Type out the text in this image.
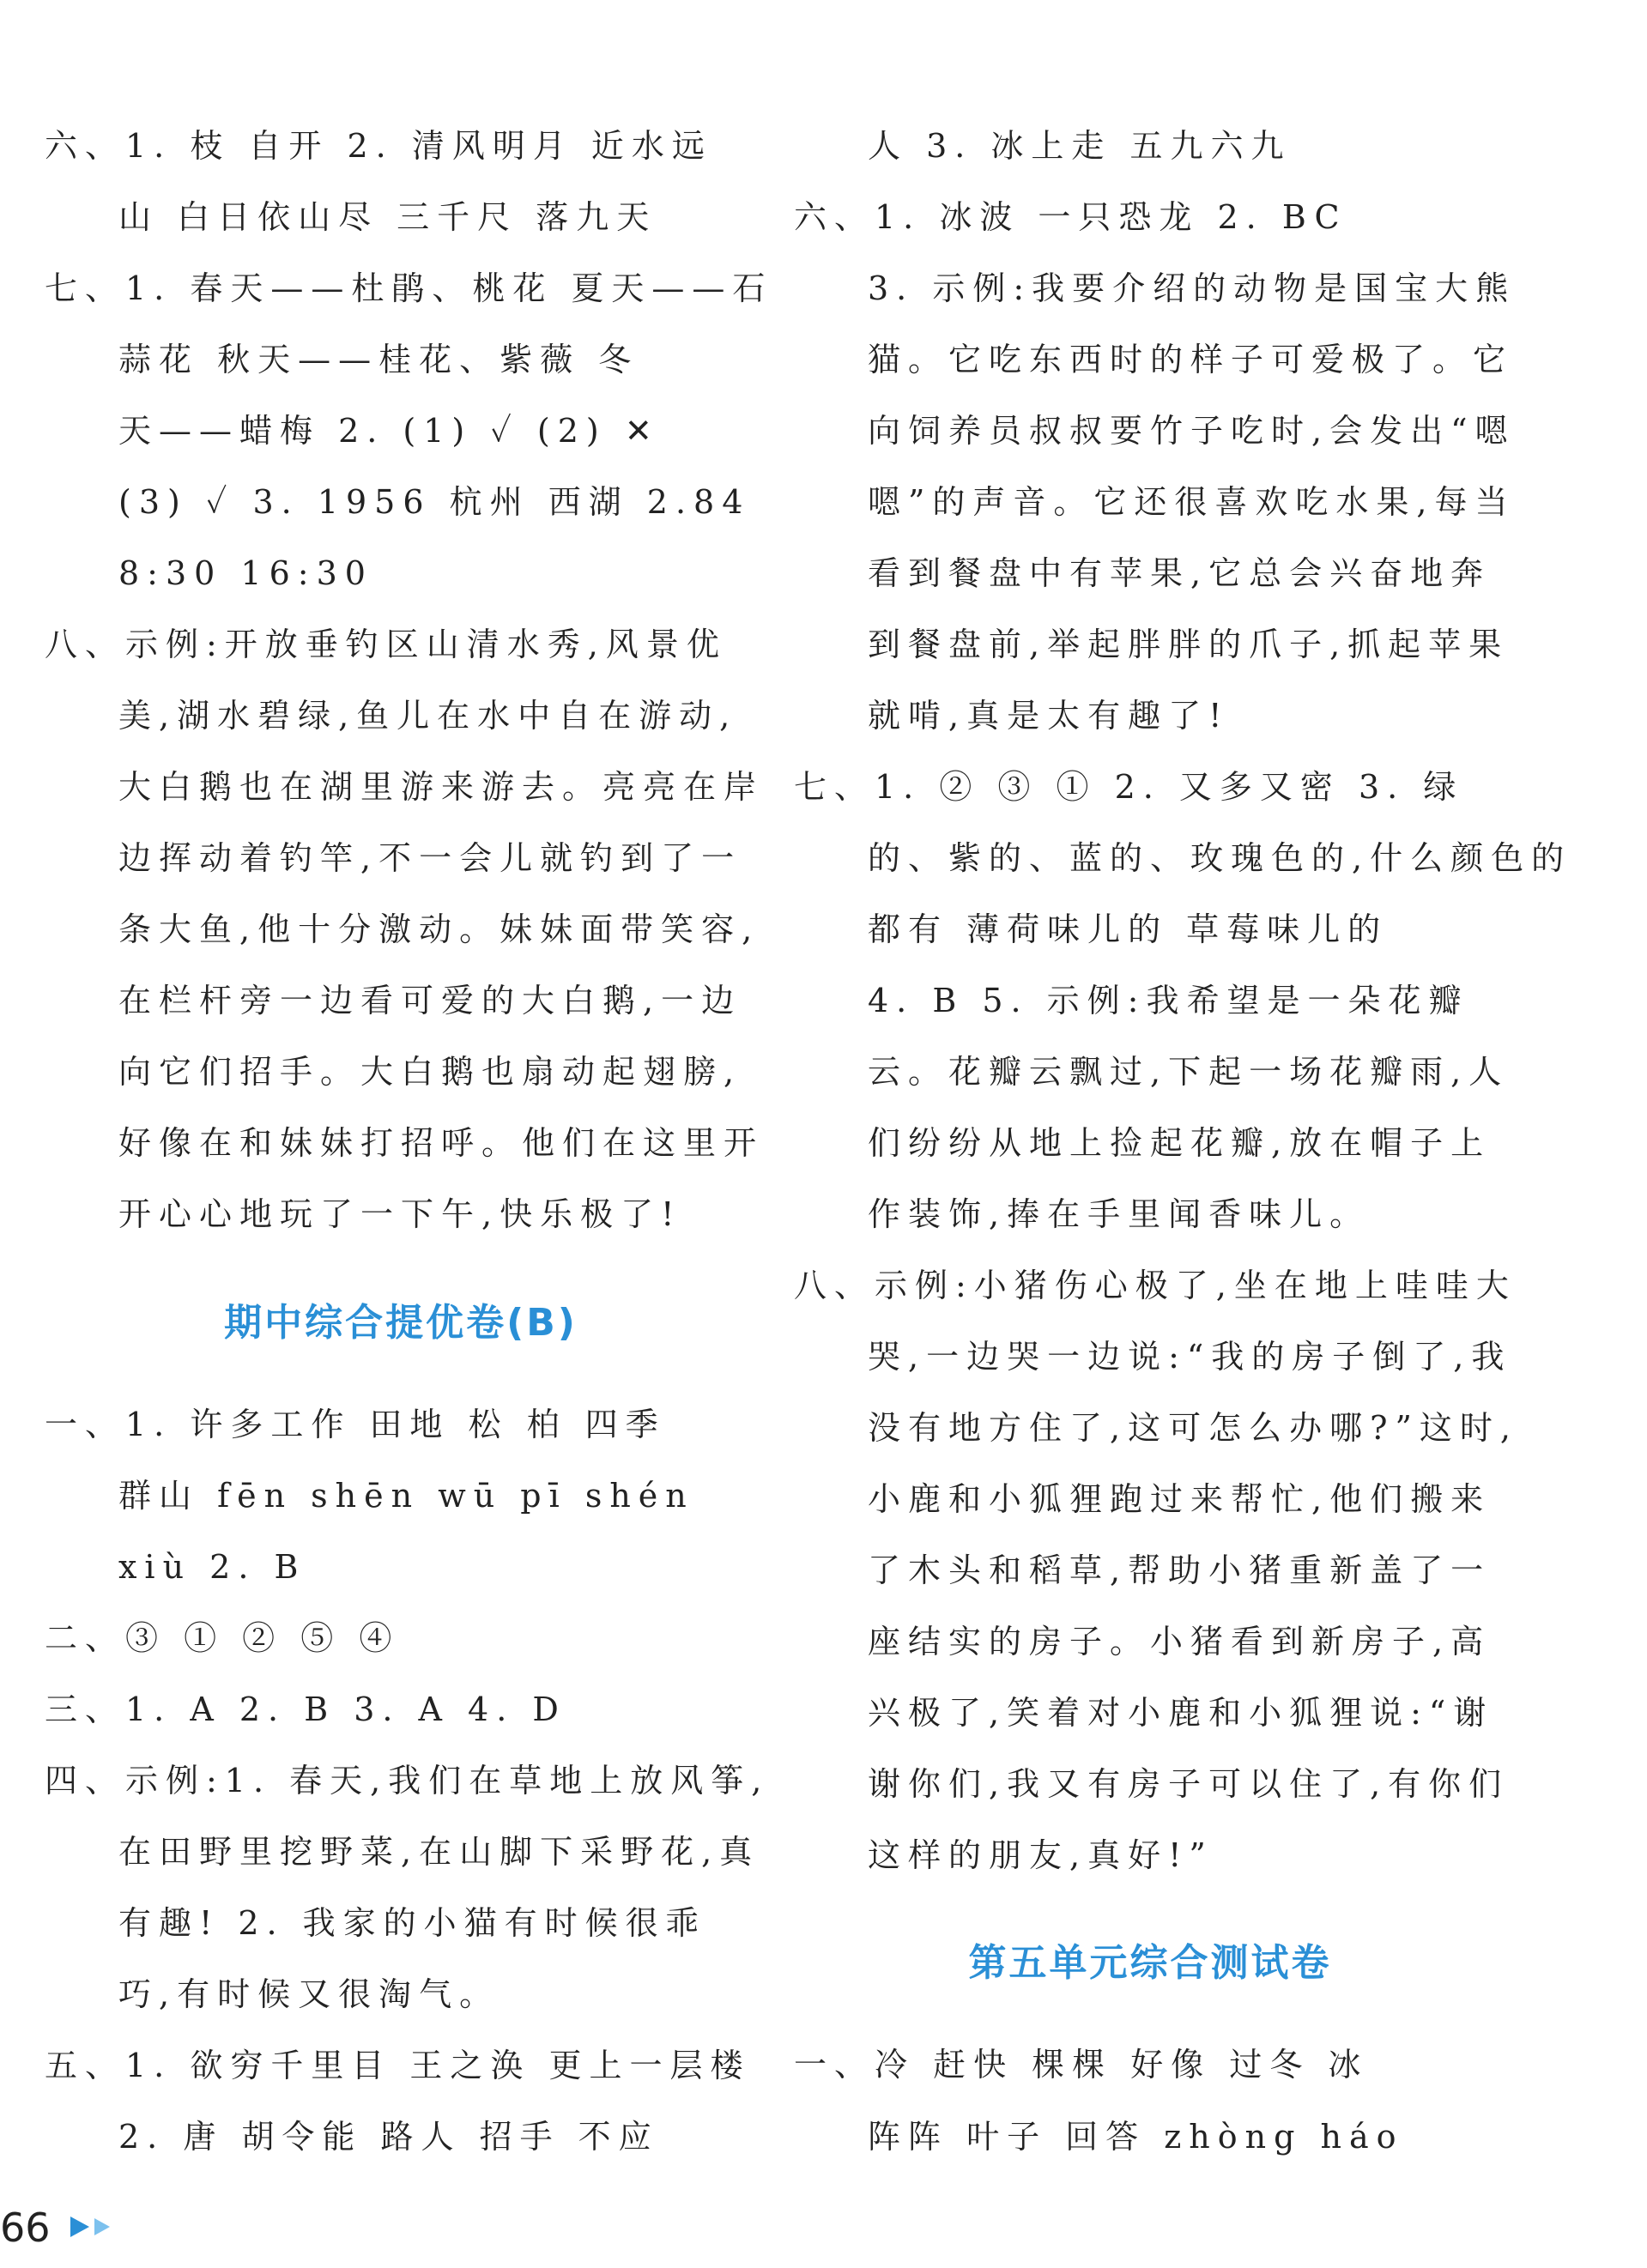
六、1. 枝 自开 2. 清风明月 近水远
山 白日依山尽 三千尺 落九天
七、1. 春天——杜鹃、桃花 夏天——石
蒜花 秋天——桂花、紫薇 冬
天——蜡梅 2. (1) ✓ (2) ✕
(3) ✓ 3. 1956 杭州 西湖 2.84
8:30 16:30
八、示例:开放垂钓区山清水秀,风景优
美,湖水碧绿,鱼儿在水中自在游动,
大白鹅也在湖里游来游去。亮亮在岸
边挥动着钓竿,不一会儿就钓到了一
条大鱼,他十分激动。妹妹面带笑容,
在栏杆旁一边看可爱的大白鹅,一边
向它们招手。大白鹅也扇动起翅膀,
好像在和妹妹打招呼。他们在这里开
开心心地玩了一下午,快乐极了!
期中综合提优卷(B)
一、1. 许多工作 田地 松 柏 四季
群山 fēn shēn wū pī shén
xiù 2. B
二、③ ① ② ⑤ ④
三、1. A 2. B 3. A 4. D
四、示例:1. 春天,我们在草地上放风筝,
在田野里挖野菜,在山脚下采野花,真
有趣! 2. 我家的小猫有时候很乖
巧,有时候又很淘气。
五、1. 欲穷千里目 王之涣 更上一层楼
2. 唐 胡令能 路人 招手 不应
人 3. 冰上走 五九六九
六、1. 冰波 一只恐龙 2. BC
3. 示例:我要介绍的动物是国宝大熊
猫。它吃东西时的样子可爱极了。它
向饲养员叔叔要竹子吃时,会发出“嗯
嗯”的声音。它还很喜欢吃水果,每当
看到餐盘中有苹果,它总会兴奋地奔
到餐盘前,举起胖胖的爪子,抓起苹果
就啃,真是太有趣了!
七、1. ② ③ ① 2. 又多又密 3. 绿
的、紫的、蓝的、玫瑰色的,什么颜色的
都有 薄荷味儿的 草莓味儿的
4. B 5. 示例:我希望是一朵花瓣
云。花瓣云飘过,下起一场花瓣雨,人
们纷纷从地上捡起花瓣,放在帽子上
作装饰,捧在手里闻香味儿。
八、示例:小猪伤心极了,坐在地上哇哇大
哭,一边哭一边说:“我的房子倒了,我
没有地方住了,这可怎么办哪?”这时,
小鹿和小狐狸跑过来帮忙,他们搬来
了木头和稻草,帮助小猪重新盖了一
座结实的房子。小猪看到新房子,高
兴极了,笑着对小鹿和小狐狸说:“谢
谢你们,我又有房子可以住了,有你们
这样的朋友,真好!”
第五单元综合测试卷
一、冷 赶快 棵棵 好像 过冬 冰
阵阵 叶子 回答 zhòng háo
66
